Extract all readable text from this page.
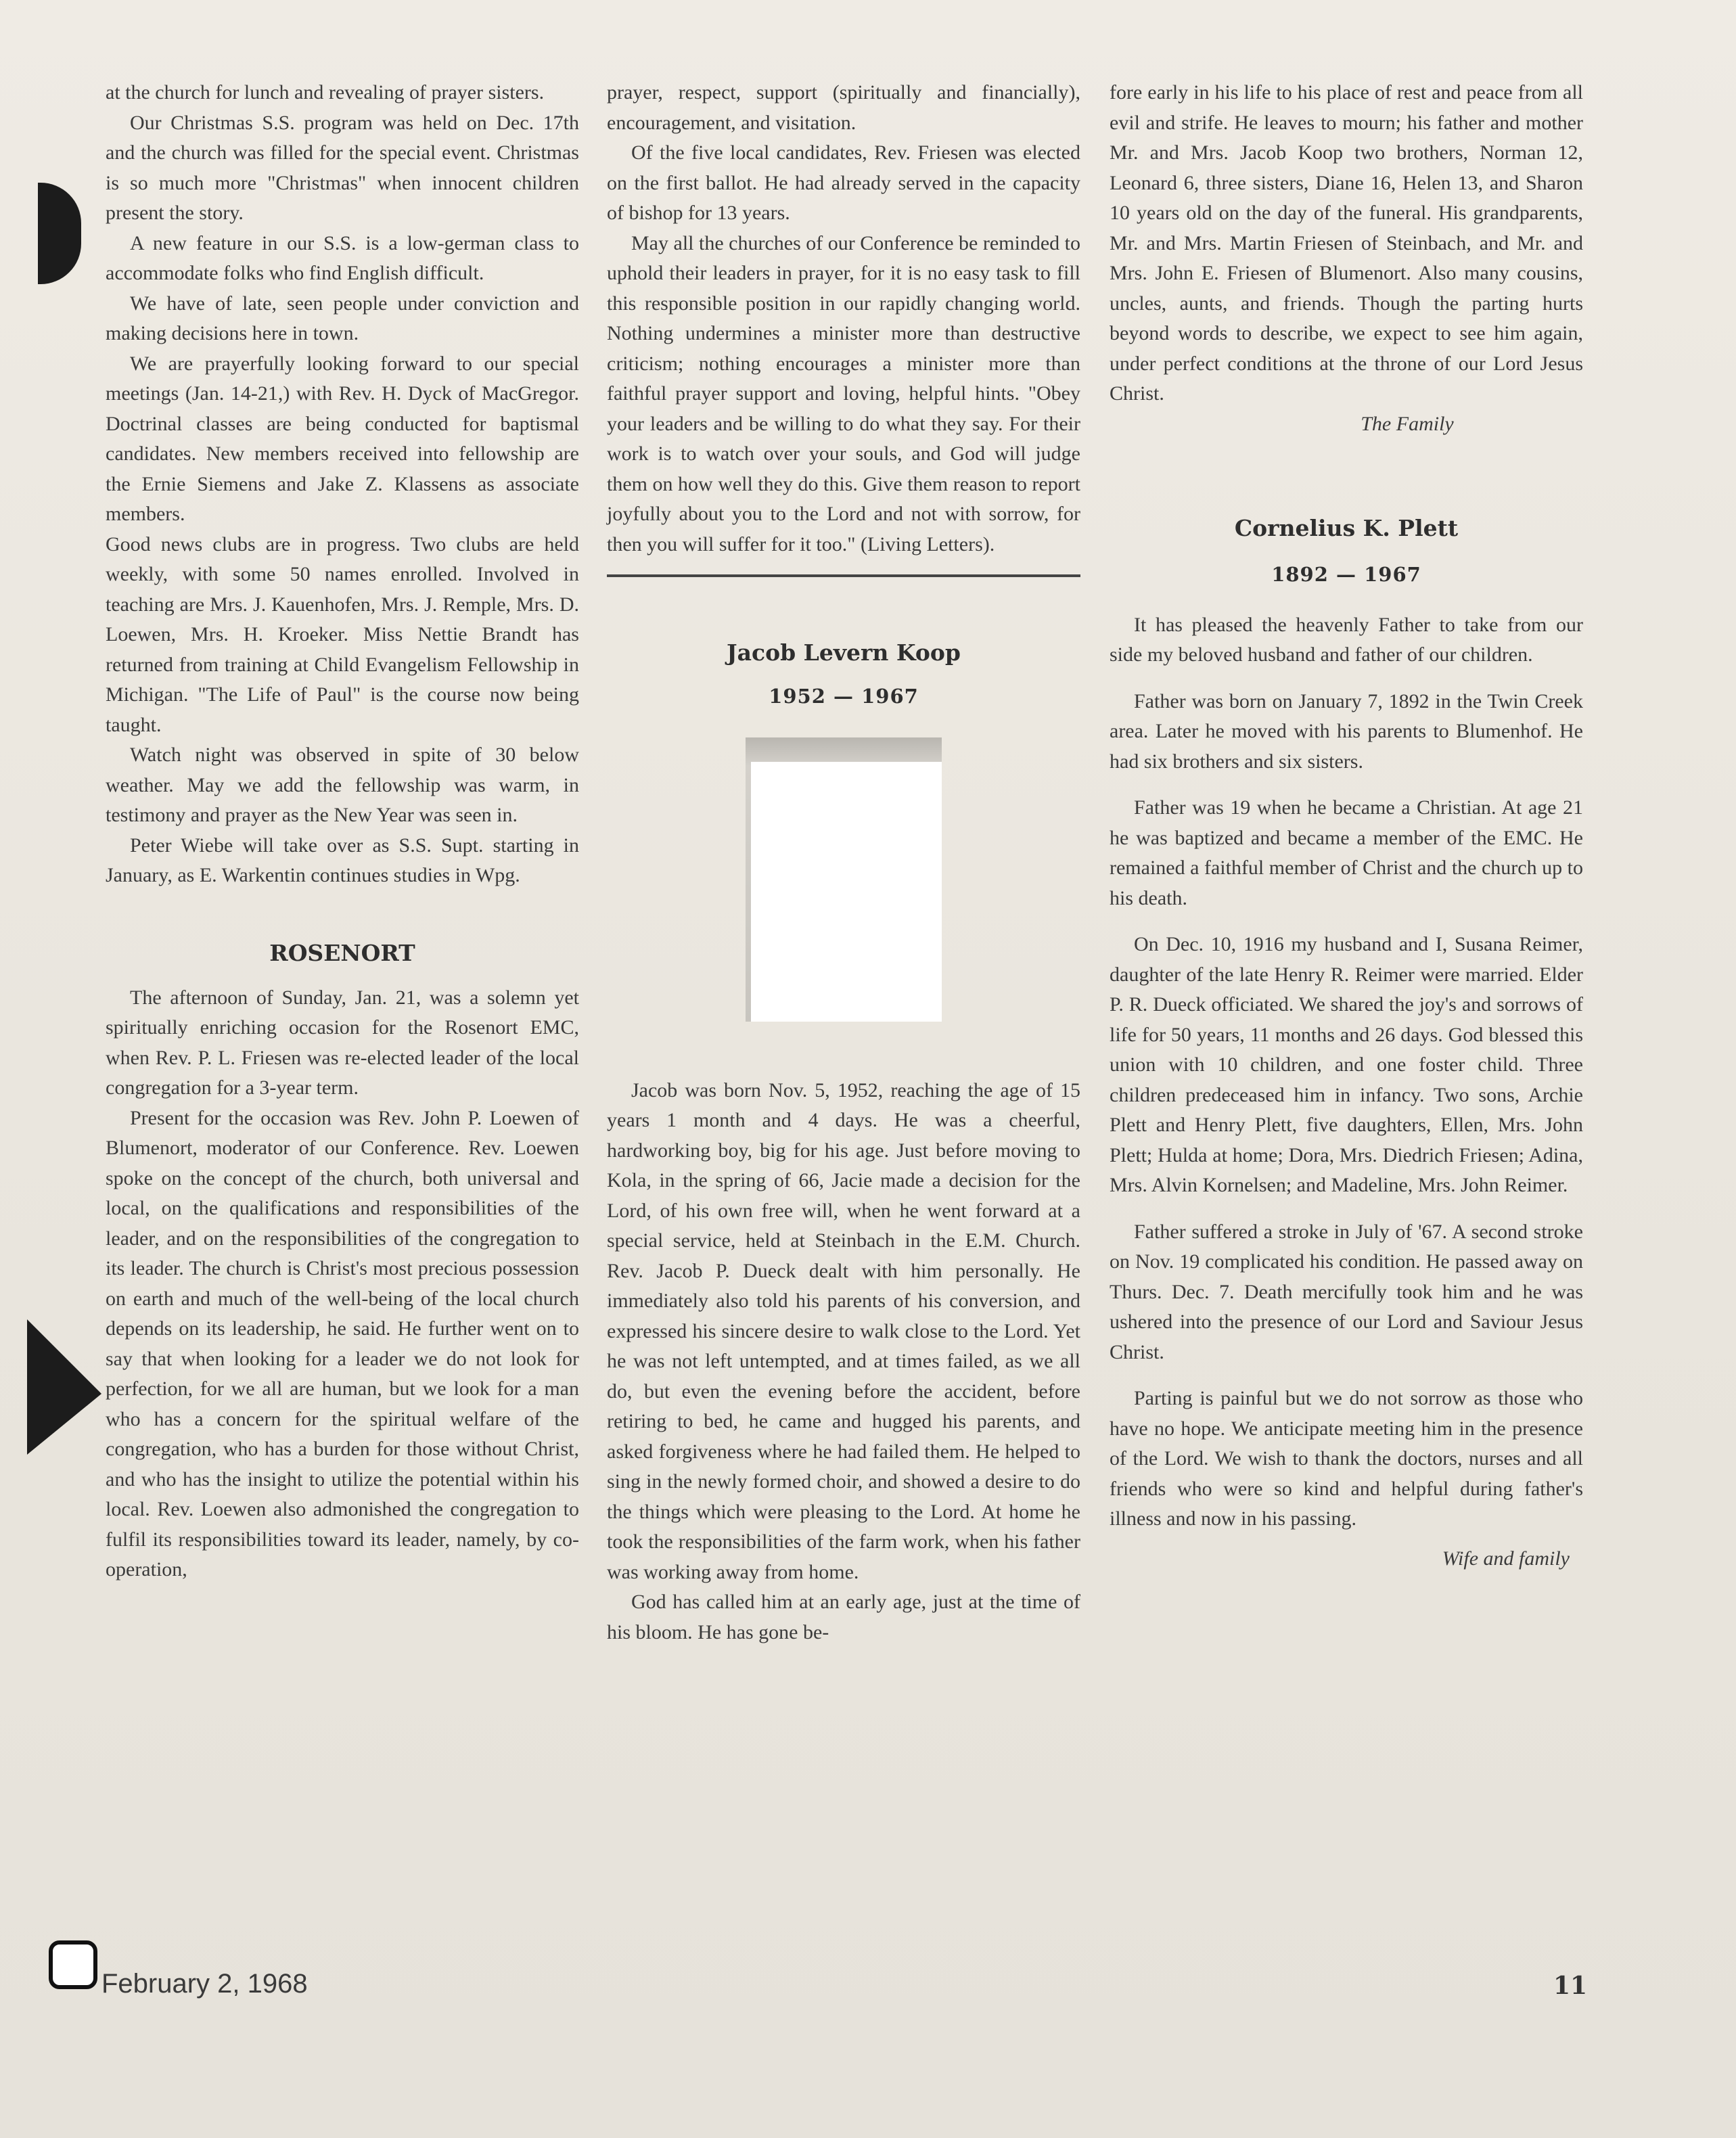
at the church for lunch and revealing of prayer sisters.

Our Christmas S.S. program was held on Dec. 17th and the church was filled for the special event. Christmas is so much more "Christmas" when innocent children present the story.

A new feature in our S.S. is a low-german class to accommodate folks who find English difficult.

We have of late, seen people under conviction and making decisions here in town.

We are prayerfully looking forward to our special meetings (Jan. 14-21,) with Rev. H. Dyck of MacGregor. Doctrinal classes are being conducted for baptismal candidates. New members received into fellowship are the Ernie Siemens and Jake Z. Klassens as associate members.

Good news clubs are in progress. Two clubs are held weekly, with some 50 names enrolled. Involved in teaching are Mrs. J. Kauenhofen, Mrs. J. Remple, Mrs. D. Loewen, Mrs. H. Kroeker. Miss Nettie Brandt has returned from training at Child Evangelism Fellowship in Michigan. "The Life of Paul" is the course now being taught.

Watch night was observed in spite of 30 below weather. May we add the fellowship was warm, in testimony and prayer as the New Year was seen in.

Peter Wiebe will take over as S.S. Supt. starting in January, as E. Warkentin continues studies in Wpg.

ROSENORT

The afternoon of Sunday, Jan. 21, was a solemn yet spiritually enriching occasion for the Rosenort EMC, when Rev. P. L. Friesen was re-elected leader of the local congregation for a 3-year term.

Present for the occasion was Rev. John P. Loewen of Blumenort, moderator of our Conference. Rev. Loewen spoke on the concept of the church, both universal and local, on the qualifications and responsibilities of the leader, and on the responsibilities of the congregation to its leader. The church is Christ's most precious possession on earth and much of the well-being of the local church depends on its leadership, he said. He further went on to say that when looking for a leader we do not look for perfection, for we all are human, but we look for a man who has a concern for the spiritual welfare of the congregation, who has a burden for those without Christ, and who has the insight to utilize the potential within his local. Rev. Loewen also admonished the congregation to fulfil its responsibilities toward its leader, namely, by co-operation,

prayer, respect, support (spiritually and financially), encouragement, and visitation.

Of the five local candidates, Rev. Friesen was elected on the first ballot. He had already served in the capacity of bishop for 13 years.

May all the churches of our Conference be reminded to uphold their leaders in prayer, for it is no easy task to fill this responsible position in our rapidly changing world. Nothing undermines a minister more than destructive criticism; nothing encourages a minister more than faithful prayer support and loving, helpful hints. "Obey your leaders and be willing to do what they say. For their work is to watch over your souls, and God will judge them on how well they do this. Give them reason to report joyfully about you to the Lord and not with sorrow, for then you will suffer for it too." (Living Letters).

Jacob Levern Koop

1952 — 1967

Jacob was born Nov. 5, 1952, reaching the age of 15 years 1 month and 4 days. He was a cheerful, hardworking boy, big for his age. Just before moving to Kola, in the spring of 66, Jacie made a decision for the Lord, of his own free will, when he went forward at a special service, held at Steinbach in the E.M. Church. Rev. Jacob P. Dueck dealt with him personally. He immediately also told his parents of his conversion, and expressed his sincere desire to walk close to the Lord. Yet he was not left untempted, and at times failed, as we all do, but even the evening before the accident, before retiring to bed, he came and hugged his parents, and asked forgiveness where he had failed them. He helped to sing in the newly formed choir, and showed a desire to do the things which were pleasing to the Lord. At home he took the responsibilities of the farm work, when his father was working away from home.

God has called him at an early age, just at the time of his bloom. He has gone be-

fore early in his life to his place of rest and peace from all evil and strife. He leaves to mourn; his father and mother Mr. and Mrs. Jacob Koop two brothers, Norman 12, Leonard 6, three sisters, Diane 16, Helen 13, and Sharon 10 years old on the day of the funeral. His grandparents, Mr. and Mrs. Martin Friesen of Steinbach, and Mr. and Mrs. John E. Friesen of Blumenort. Also many cousins, uncles, aunts, and friends. Though the parting hurts beyond words to describe, we expect to see him again, under perfect conditions at the throne of our Lord Jesus Christ.

The Family

Cornelius K. Plett

1892 — 1967

It has pleased the heavenly Father to take from our side my beloved husband and father of our children.

Father was born on January 7, 1892 in the Twin Creek area. Later he moved with his parents to Blumenhof. He had six brothers and six sisters.

Father was 19 when he became a Christian. At age 21 he was baptized and became a member of the EMC. He remained a faithful member of Christ and the church up to his death.

On Dec. 10, 1916 my husband and I, Susana Reimer, daughter of the late Henry R. Reimer were married. Elder P. R. Dueck officiated. We shared the joy's and sorrows of life for 50 years, 11 months and 26 days. God blessed this union with 10 children, and one foster child. Three children predeceased him in infancy. Two sons, Archie Plett and Henry Plett, five daughters, Ellen, Mrs. John Plett; Hulda at home; Dora, Mrs. Diedrich Friesen; Adina, Mrs. Alvin Kornelsen; and Madeline, Mrs. John Reimer.

Father suffered a stroke in July of '67. A second stroke on Nov. 19 complicated his condition. He passed away on Thurs. Dec. 7. Death mercifully took him and he was ushered into the presence of our Lord and Saviour Jesus Christ.

Parting is painful but we do not sorrow as those who have no hope. We anticipate meeting him in the presence of the Lord. We wish to thank the doctors, nurses and all friends who were so kind and helpful during father's illness and now in his passing.

Wife and family

February 2, 1968	11
